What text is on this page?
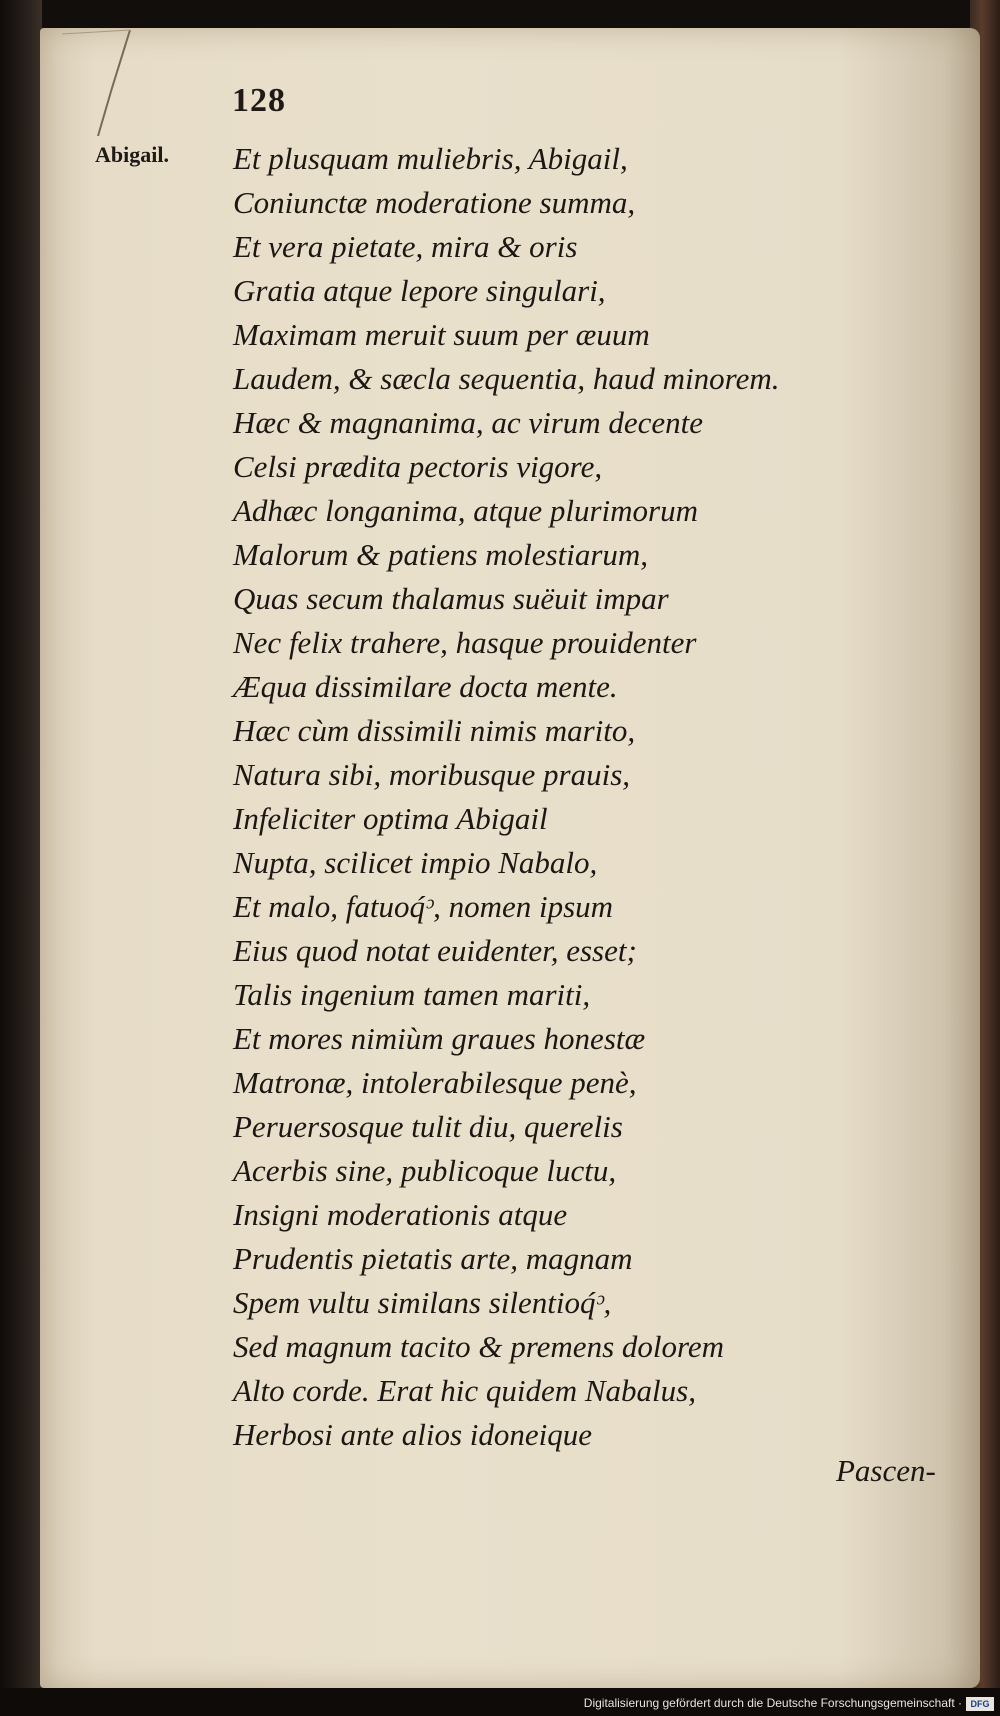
128
Abigail. Et plusquam muliebris, Abigail,
Coniunctæ moderatione summa,
Et vera pietate, mira & oris
Gratia atque lepore singulari,
Maximam meruit suum per æuum
Laudem, & sæcla sequentia, haud minorem.
Hæc & magnanima, ac virum decente
Celsi prædita pectoris vigore,
Adhæc longanima, atque plurimorum
Malorum & patiens molestiarum,
Quas secum thalamus suëuit impar
Nec felix trahere, hasque prouidenter
Æqua dissimilare docta mente.
Hæc cùm dissimili nimis marito,
Natura sibi, moribusque prauis,
Infeliciter optima Abigail
Nupta, scilicet impio Nabalo,
Et malo, fatuoq́ᵓ, nomen ipsum
Eius quod notat euidenter, esset;
Talis ingenium tamen mariti,
Et mores nimiùm graues honestæ
Matronæ, intolerabilesque penè,
Peruersosque tulit diu, querelis
Acerbis sine, publicoque luctu,
Insigni moderationis atque
Prudentis pietatis arte, magnam
Spem vultu similans silentioq́ᵓ,
Sed magnum tacito & premens dolorem
Alto corde. Erat hic quidem Nabalus,
Herbosi ante alios idoneique
Pascen-
Digitalisierung gefördert durch die Deutsche Forschungsgemeinschaft · DFG
